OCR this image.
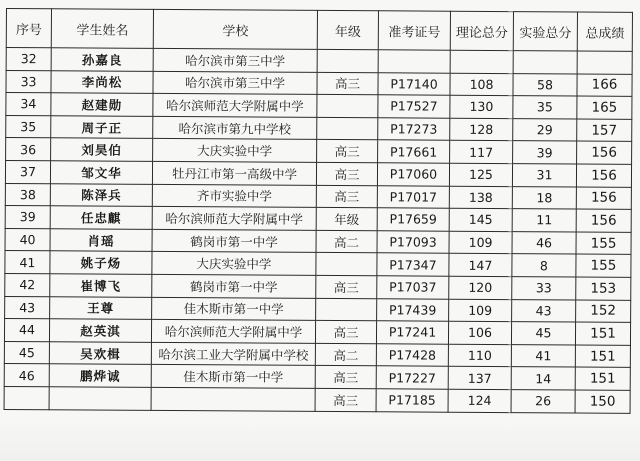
序号	学生姓名	学校	年级	准考证号	理论总分	实验总分	总成绩
32	孙嘉良	哈尔滨市第三中学					
33	李尚松	哈尔滨市第三中学	高三	P17140	108	58	166
34	赵建勋	哈尔滨师范大学附属中学		P17527	130	35	165
35	周子正	哈尔滨市第九中学校		P17273	128	29	157
36	刘昊伯	大庆实验中学	高三	P17661	117	39	156
37	邹文华	牡丹江市第一高级中学	高三	P17060	125	31	156
38	陈泽兵	齐市实验中学	高三	P17017	138	18	156
39	任忠麒	哈尔滨师范大学附属中学	年级	P17659	145	11	156
40	肖瑶	鹤岗市第一中学	高二	P17093	109	46	155
41	姚子炀	大庆实验中学		P17347	147	8	155
42	崔博飞	鹤岗市第一中学	高三	P17037	120	33	153
43	王尊	佳木斯市第一中学		P17439	109	43	152
44	赵英淇	哈尔滨师范大学附属中学	高三	P17241	106	45	151
45	吴欢楫	哈尔滨工业大学附属中学校	高二	P17428	110	41	151
46	鹏烨诚	佳木斯市第一中学	高三	P17227	137	14	151
			高三	P17185	124	26	150
